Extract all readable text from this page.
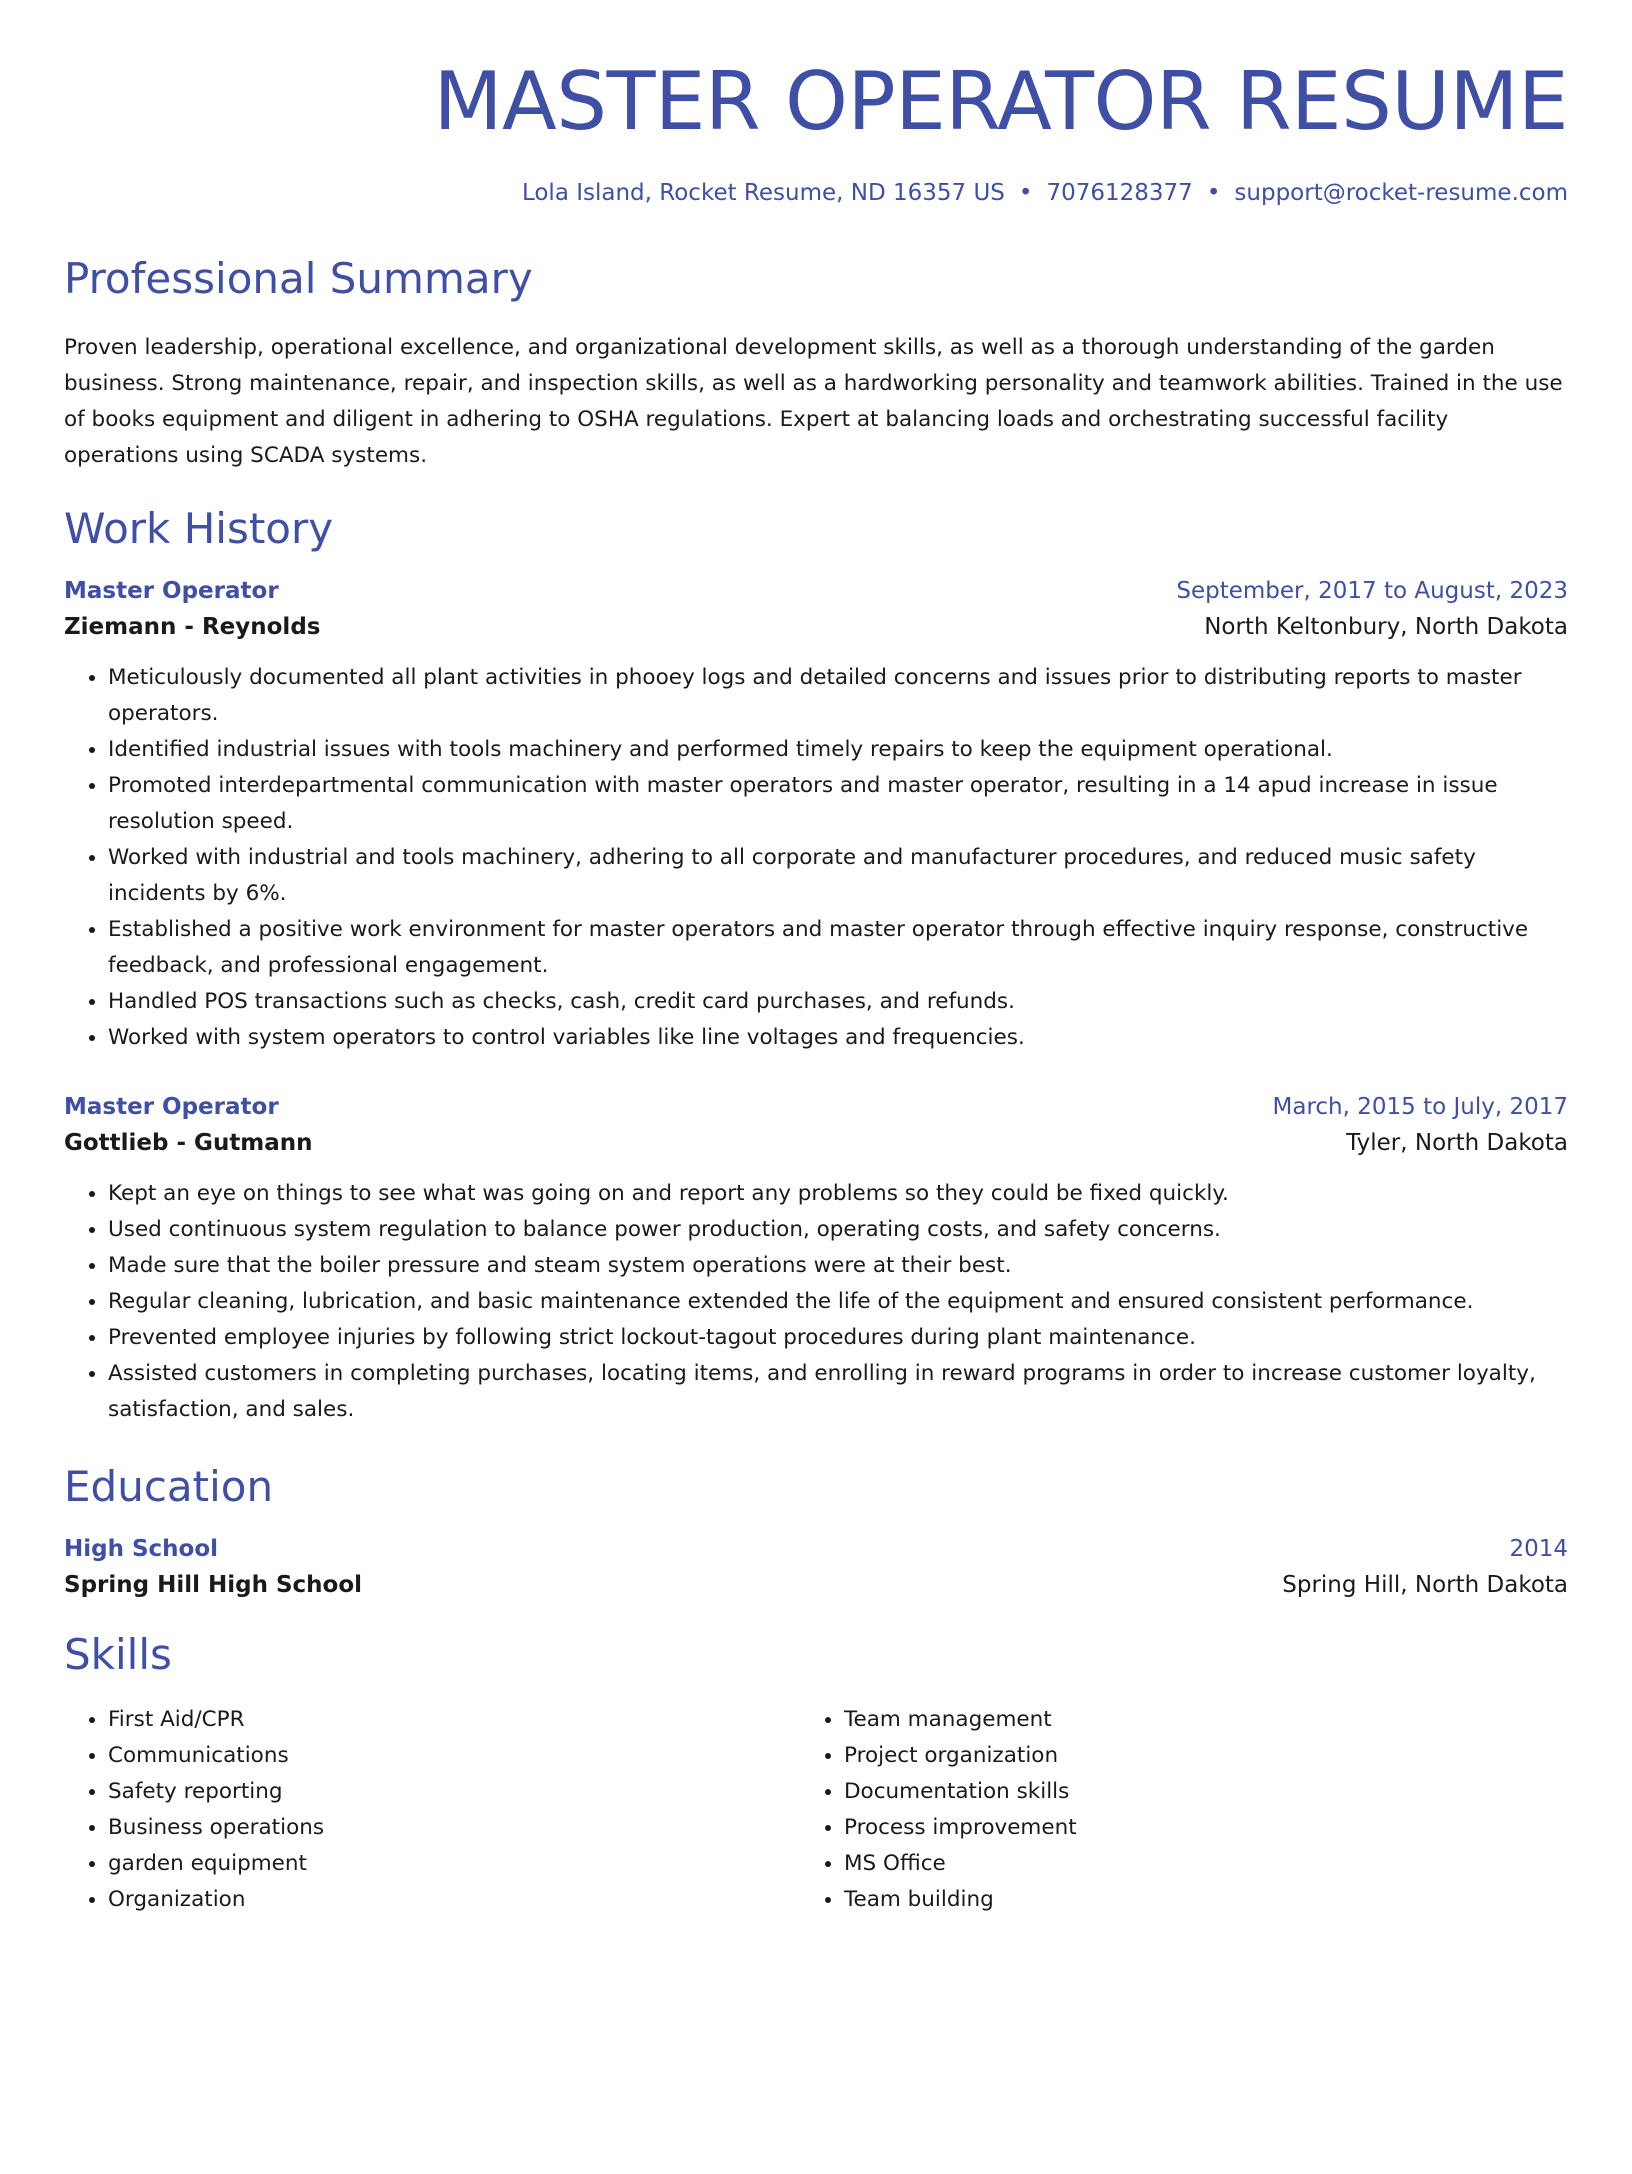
MASTER OPERATOR RESUME
Lola Island, Rocket Resume, ND 16357 US • 7076128377 • support@rocket-resume.com
Professional Summary
Proven leadership, operational excellence, and organizational development skills, as well as a thorough understanding of the garden business. Strong maintenance, repair, and inspection skills, as well as a hardworking personality and teamwork abilities. Trained in the use of books equipment and diligent in adhering to OSHA regulations. Expert at balancing loads and orchestrating successful facility operations using SCADA systems.
Work History
Master Operator	September, 2017 to August, 2023
Ziemann - Reynolds	North Keltonbury, North Dakota
• Meticulously documented all plant activities in phooey logs and detailed concerns and issues prior to distributing reports to master operators.
• Identified industrial issues with tools machinery and performed timely repairs to keep the equipment operational.
• Promoted interdepartmental communication with master operators and master operator, resulting in a 14 apud increase in issue resolution speed.
• Worked with industrial and tools machinery, adhering to all corporate and manufacturer procedures, and reduced music safety incidents by 6%.
• Established a positive work environment for master operators and master operator through effective inquiry response, constructive feedback, and professional engagement.
• Handled POS transactions such as checks, cash, credit card purchases, and refunds.
• Worked with system operators to control variables like line voltages and frequencies.
Master Operator	March, 2015 to July, 2017
Gottlieb - Gutmann	Tyler, North Dakota
• Kept an eye on things to see what was going on and report any problems so they could be fixed quickly.
• Used continuous system regulation to balance power production, operating costs, and safety concerns.
• Made sure that the boiler pressure and steam system operations were at their best.
• Regular cleaning, lubrication, and basic maintenance extended the life of the equipment and ensured consistent performance.
• Prevented employee injuries by following strict lockout-tagout procedures during plant maintenance.
• Assisted customers in completing purchases, locating items, and enrolling in reward programs in order to increase customer loyalty, satisfaction, and sales.
Education
High School	2014
Spring Hill High School	Spring Hill, North Dakota
Skills
• First Aid/CPR
• Communications
• Safety reporting
• Business operations
• garden equipment
• Organization
• Team management
• Project organization
• Documentation skills
• Process improvement
• MS Office
• Team building
